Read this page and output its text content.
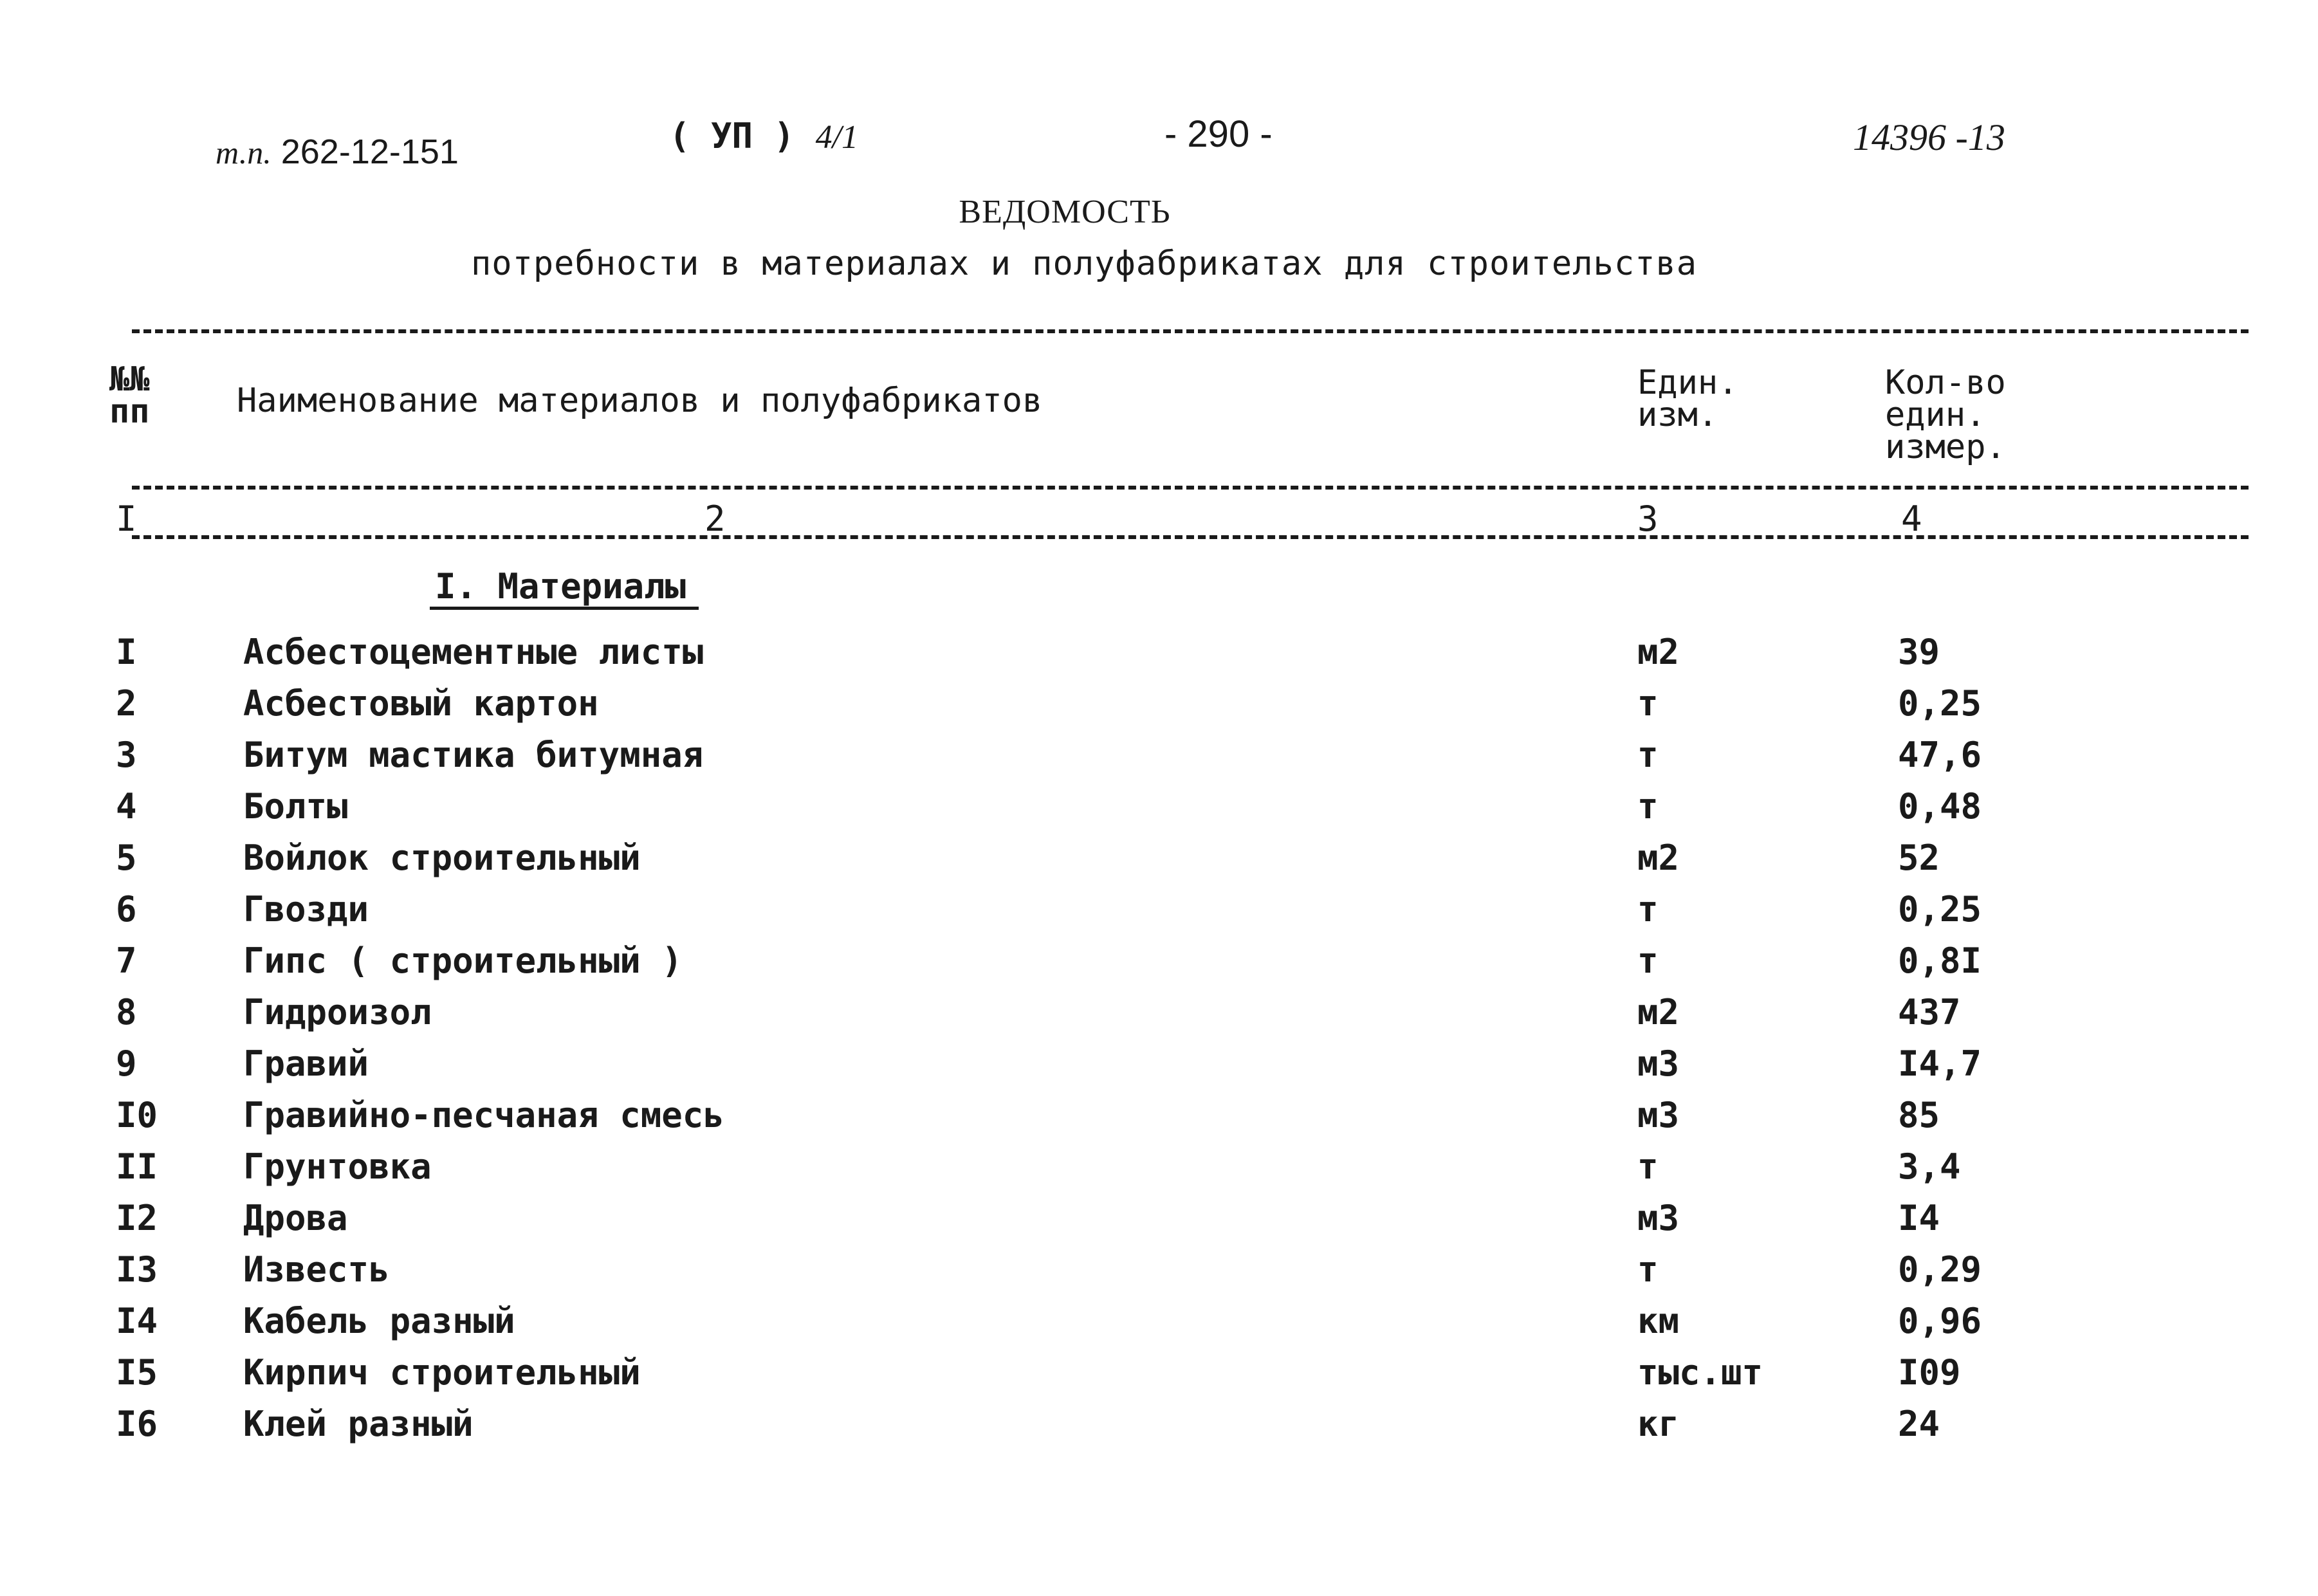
т.п. 262-12-151	( УП ) 4/1	- 290 -	14396 -13
ВЕДОМОСТЬ
потребности в материалах и полуфабрикатах для строительства
№№
пп	Наименование материалов и полуфабрикатов	Един.
изм.
Кол-во
един.
измер.
I	2	3	4
I. Материалы
I	Асбестоцементные листы	м2	39
2	Асбестовый картон	т	0,25
3	Битум мастика битумная	т	47,6
4	Болты	т	0,48
5	Войлок строительный	м2	52
6	Гвозди	т	0,25
7	Гипс ( строительный )	т	0,8I
8	Гидроизол	м2	437
9	Гравий	м3	I4,7
I0 Гравийно-песчаная смесь	м3	85
II Грунтовка	т	3,4
I2 Дрова	м3	I4
I3 Известь	т	0,29
I4 Кабель разный	км	0,96
I5 Кирпич строительный	тыс.шт	I09
I6 Клей разный	кг	24
